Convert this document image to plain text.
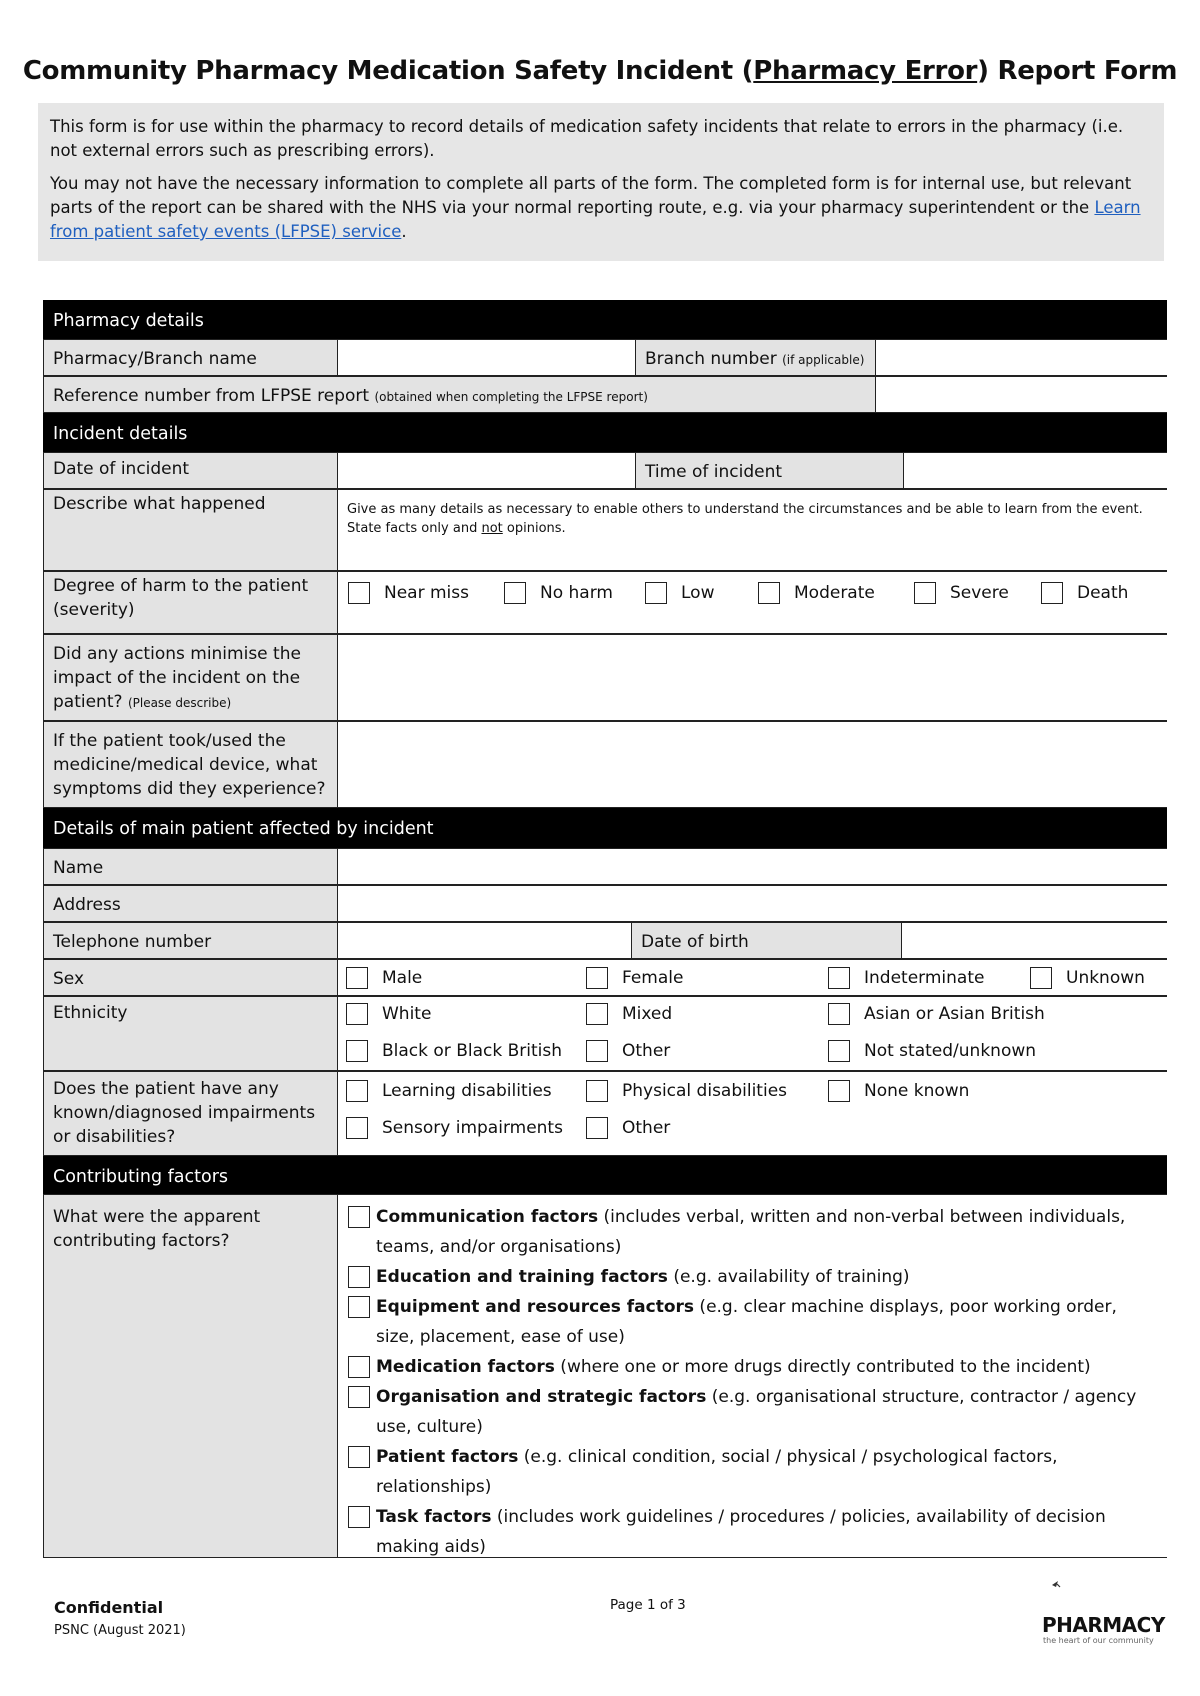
Community Pharmacy Medication Safety Incident (Pharmacy Error) Report Form

This form is for use within the pharmacy to record details of medication safety incidents that relate to errors in the pharmacy (i.e. not external errors such as prescribing errors).

You may not have the necessary information to complete all parts of the form. The completed form is for internal use, but relevant parts of the report can be shared with the NHS via your normal reporting route, e.g. via your pharmacy superintendent or the Learn from patient safety events (LFPSE) service.

Pharmacy details
Pharmacy/Branch name	Branch number (if applicable)
Reference number from LFPSE report (obtained when completing the LFPSE report)
Incident details
Date of incident	Time of incident
Describe what happened	Give as many details as necessary to enable others to understand the circumstances and be able to learn from the event.
State facts only and not opinions.
Degree of harm to the patient (severity)
Near miss	No harm	Low	Moderate	Severe	Death
Did any actions minimise the impact of the incident on the patient? (Please describe)
If the patient took/used the medicine/medical device, what symptoms did they experience?
Details of main patient affected by incident
Name
Address
Telephone number	Date of birth
Sex	Male	Female	Indeterminate	Unknown
Ethnicity	White	Mixed	Asian or Asian British
Black or Black British	Other	Not stated/unknown
Does the patient have any known/diagnosed impairments or disabilities?
Learning disabilities	Physical disabilities	None known
Sensory impairments	Other
Contributing factors
What were the apparent contributing factors?
Communication factors (includes verbal, written and non-verbal between individuals, teams, and/or organisations)
Education and training factors (e.g. availability of training)
Equipment and resources factors (e.g. clear machine displays, poor working order, size, placement, ease of use)
Medication factors (where one or more drugs directly contributed to the incident)
Organisation and strategic factors (e.g. organisational structure, contractor / agency use, culture)
Patient factors (e.g. clinical condition, social / physical / psychological factors, relationships)
Task factors (includes work guidelines / procedures / policies, availability of decision making aids)
Confidential
PSNC (August 2021)
Page 1 of 3
PHARMACY
the heart of our community
